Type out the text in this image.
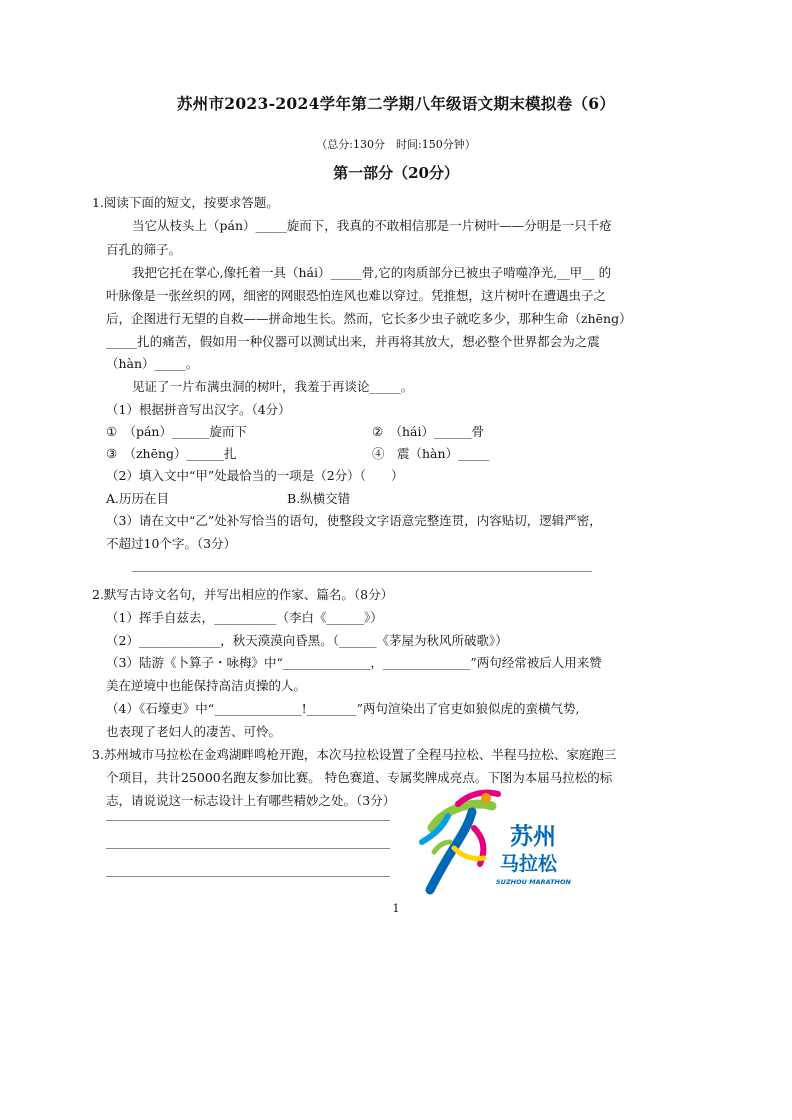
苏州市2023-2024学年第二学期八年级语文期末模拟卷（6）
（总分:130分　时间:150分钟）
第一部分（20分）
1.阅读下面的短文，按要求答题。
当它从枝头上（pán）_____旋而下，我真的不敢相信那是一片树叶——分明是一只千疮
百孔的筛子。
我把它托在掌心,像托着一具（hái）_____骨,它的肉质部分已被虫子啃噬净光,__甲__ 的
叶脉像是一张丝织的网，细密的网眼恐怕连风也难以穿过。凭推想，这片树叶在遭遇虫子之
后，企图进行无望的自救——拼命地生长。然而，它长多少虫子就吃多少，那种生命（zhēng）
_____扎的痛苦，假如用一种仪器可以测试出来，并再将其放大，想必整个世界都会为之震
（hàn）_____。
见证了一片布满虫洞的树叶，我羞于再谈论_____。
（1）根据拼音写出汉字。（4分）
①　（pán）______旋而下	②　（hái）______骨
③　（zhēng）______扎	④　震（hàn）_____
（2）填入文中“甲”处最恰当的一项是（2分）（　　）
A.历历在目	B.纵横交错
（3）请在文中“乙”处补写恰当的语句，使整段文字语意完整连贯，内容贴切，逻辑严密，
不超过10个字。（3分）
2.默写古诗文名句，并写出相应的作家、篇名。（8分）
（1）挥手自兹去，__________（李白《______》）
（2）_____________，秋天漠漠向昏黑。（______《茅屋为秋风所破歌》）
（3）陆游《卜算子・咏梅》中“______________，______________”两句经常被后人用来赞
美在逆境中也能保持高洁贞操的人。
（4）《石壕吏》中“______________!________”两句渲染出了官吏如狼似虎的蛮横气势,
也表现了老妇人的凄苦、可怜。
3.苏州城市马拉松在金鸡湖畔鸣枪开跑，本次马拉松设置了全程马拉松、半程马拉松、家庭跑三
个项目，共计25000名跑友参加比赛。 特色赛道、专属奖牌成亮点。下图为本届马拉松的标
志，请说说这一标志设计上有哪些精妙之处。（3分）
苏州
马拉松
SUZHOU MARATHON
1
